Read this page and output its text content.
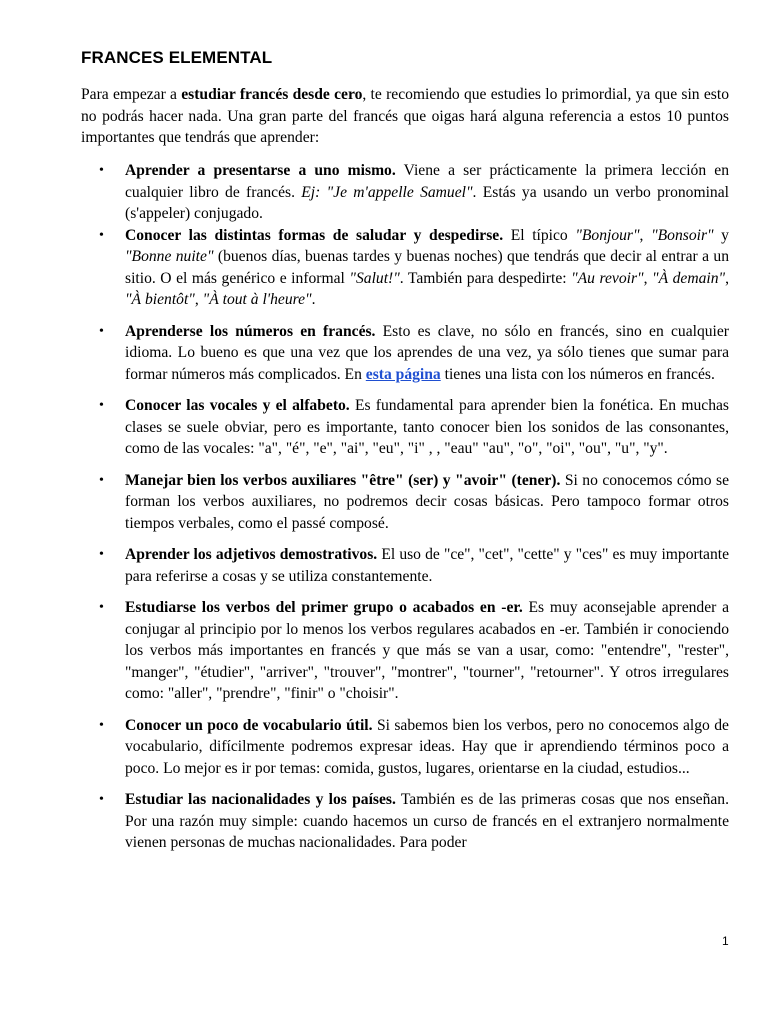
FRANCES ELEMENTAL

Para empezar a estudiar francés desde cero, te recomiendo que estudies lo primordial, ya que sin esto no podrás hacer nada. Una gran parte del francés que oigas hará alguna referencia a estos 10 puntos importantes que tendrás que aprender:

• Aprender a presentarse a uno mismo. Viene a ser prácticamente la primera lección en cualquier libro de francés. Ej: "Je m'appelle Samuel". Estás ya usando un verbo pronominal (s'appeler) conjugado.
• Conocer las distintas formas de saludar y despedirse. El típico "Bonjour", "Bonsoir" y "Bonne nuite" (buenos días, buenas tardes y buenas noches) que tendrás que decir al entrar a un sitio. O el más genérico e informal "Salut!". También para despedirte: "Au revoir", "À demain", "À bientôt", "À tout à l'heure".
• Aprenderse los números en francés. Esto es clave, no sólo en francés, sino en cualquier idioma. Lo bueno es que una vez que los aprendes de una vez, ya sólo tienes que sumar para formar números más complicados. En esta página tienes una lista con los números en francés.
• Conocer las vocales y el alfabeto. Es fundamental para aprender bien la fonética. En muchas clases se suele obviar, pero es importante, tanto conocer bien los sonidos de las consonantes, como de las vocales: "a", "é", "e", "ai", "eu", "i" , , "eau" "au", "o", "oi", "ou", "u", "y".
• Manejar bien los verbos auxiliares "être" (ser) y "avoir" (tener). Si no conocemos cómo se forman los verbos auxiliares, no podremos decir cosas básicas. Pero tampoco formar otros tiempos verbales, como el passé composé.
• Aprender los adjetivos demostrativos. El uso de "ce", "cet", "cette" y "ces" es muy importante para referirse a cosas y se utiliza constantemente.
• Estudiarse los verbos del primer grupo o acabados en -er. Es muy aconsejable aprender a conjugar al principio por lo menos los verbos regulares acabados en -er. También ir conociendo los verbos más importantes en francés y que más se van a usar, como: "entendre", "rester", "manger", "étudier", "arriver", "trouver", "montrer", "tourner", "retourner". Y otros irregulares como: "aller", "prendre", "finir" o "choisir".
• Conocer un poco de vocabulario útil. Si sabemos bien los verbos, pero no conocemos algo de vocabulario, difícilmente podremos expresar ideas. Hay que ir aprendiendo términos poco a poco. Lo mejor es ir por temas: comida, gustos, lugares, orientarse en la ciudad, estudios...
• Estudiar las nacionalidades y los países. También es de las primeras cosas que nos enseñan. Por una razón muy simple: cuando hacemos un curso de francés en el extranjero normalmente vienen personas de muchas nacionalidades. Para poder
1
